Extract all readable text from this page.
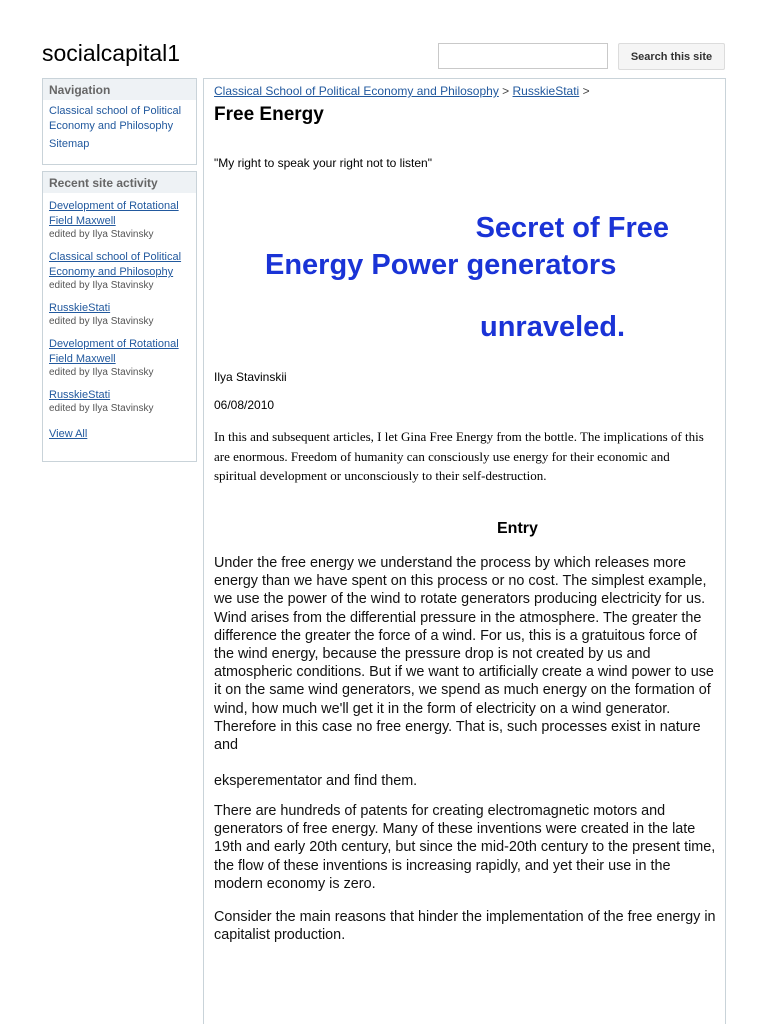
socialcapital1	Search this site
Navigation
Classical school of Political Economy and Philosophy
Sitemap
Recent site activity
Development of Rotational Field Maxwell
edited by Ilya Stavinsky
Classical school of Political Economy and Philosophy
edited by Ilya Stavinsky
RusskieStati
edited by Ilya Stavinsky
Development of Rotational Field Maxwell
edited by Ilya Stavinsky
RusskieStati
edited by Ilya Stavinsky
View All
Classical School of Political Economy and Philosophy > RusskieStati >
Free Energy
"My right to speak your right not to listen"
Secret of Free
Energy Power generators
unraveled.
Ilya Stavinskii
06/08/2010

In this and subsequent articles, I let Gina Free Energy from the bottle. The implications of this are enormous. Freedom of humanity can consciously use energy for their economic and spiritual development or unconsciously to their self-destruction.

Entry

Under the free energy we understand the process by which releases more energy than we have spent on this process or no cost. The simplest example, we use the power of the wind to rotate generators producing electricity for us. Wind arises from the differential pressure in the atmosphere. The greater the difference the greater the force of a wind. For us, this is a gratuitous force of the wind energy, because the pressure drop is not created by us and atmospheric conditions. But if we want to artificially create a wind power to use it on the same wind generators, we spend as much energy on the formation of wind, how much we'll get it in the form of electricity on a wind generator. Therefore in this case no free energy. That is, such processes exist in nature and

eksperementator and find them.

There are hundreds of patents for creating electromagnetic motors and generators of free energy. Many of these inventions were created in the late 19th and early 20th century, but since the mid-20th century to the present time, the flow of these inventions is increasing rapidly, and yet their use in the modern economy is zero.

Consider the main reasons that hinder the implementation of the free energy in capitalist production.
